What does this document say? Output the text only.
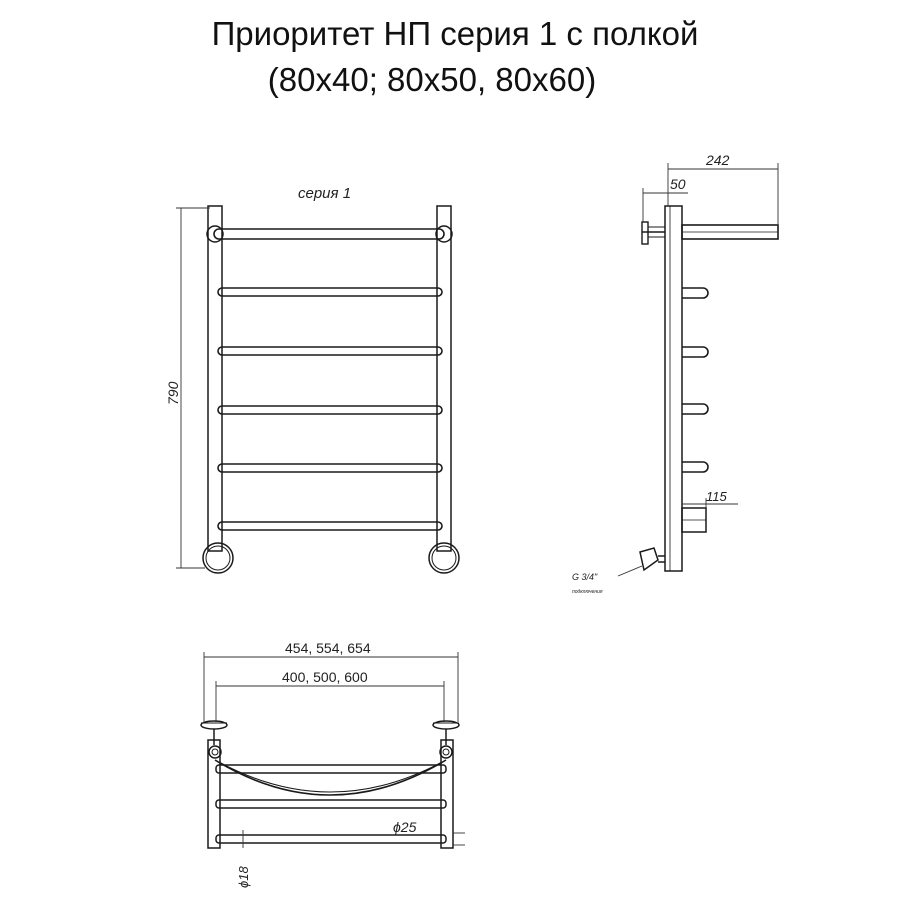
Приоритет НП серия 1 с полкой
(80х40; 80х50, 80х60)
серия 1
790
242
50
115
G 3/4"
подключения
454, 554, 654
400, 500, 600
ϕ25
ϕ18
